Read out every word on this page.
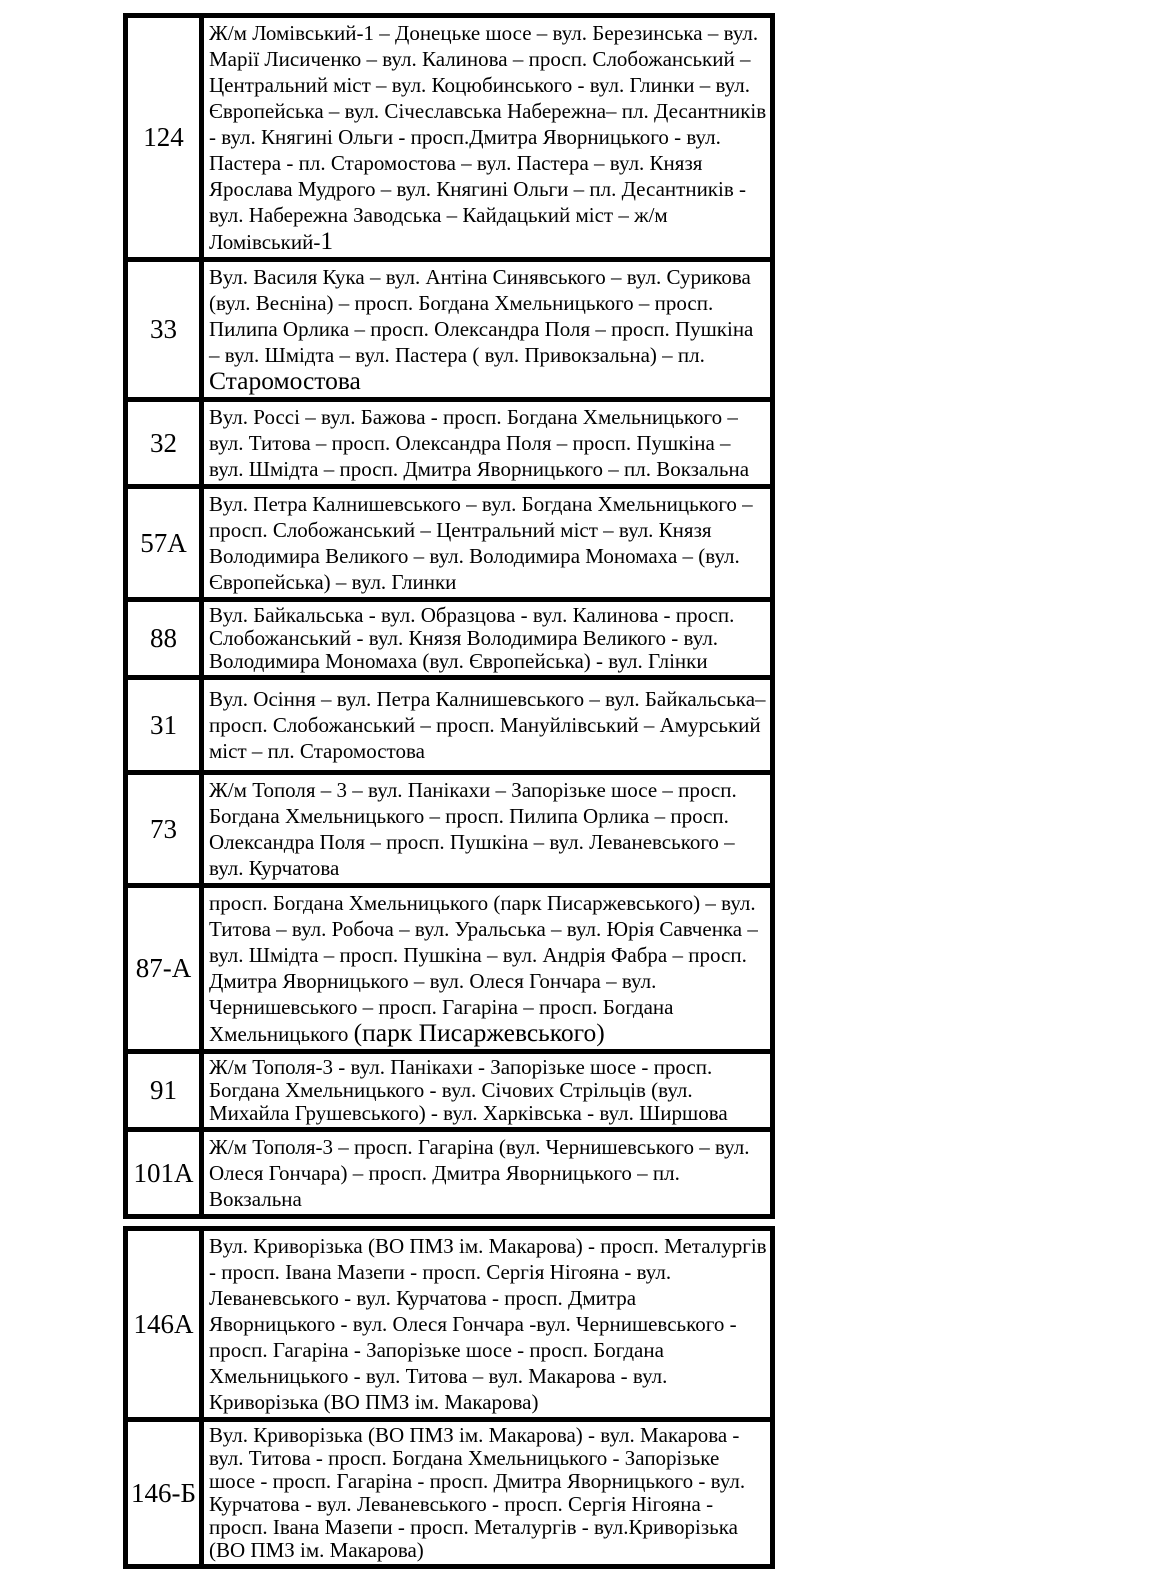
124	Ж/м Ломівський-1 – Донецьке шосе – вул. Березинська – вул. Марії Лисиченко – вул. Калинова – просп. Слобожанський – Центральний міст – вул. Коцюбинського - вул. Глинки – вул. Європейська – вул. Січеславська Набережна– пл. Десантників - вул. Княгині Ольги - просп.Дмитра Яворницького - вул. Пастера - пл. Старомостова – вул. Пастера – вул. Князя Ярослава Мудрого – вул. Княгині Ольги – пл. Десантників - вул. Набережна Заводська – Кайдацький міст – ж/м Ломівський-1
33	Вул. Василя Кука – вул. Антіна Синявського – вул. Сурикова (вул. Весніна) – просп. Богдана Хмельницького – просп. Пилипа Орлика – просп. Олександра Поля – просп. Пушкіна – вул. Шмідта – вул. Пастера ( вул. Привокзальна) – пл. Старомостова
32	Вул. Россі – вул. Бажова - просп. Богдана Хмельницького – вул. Титова – просп. Олександра Поля – просп. Пушкіна – вул. Шмідта – просп. Дмитра Яворницького – пл. Вокзальна
57А	Вул. Петра Калнишевського – вул. Богдана Хмельницького – просп. Слобожанський – Центральний міст – вул. Князя Володимира Великого – вул. Володимира Мономаха – (вул. Європейська) – вул. Глинки
88	Вул. Байкальська - вул. Образцова - вул. Калинова - просп. Слобожанський - вул. Князя Володимира Великого - вул. Володимира Мономаха (вул. Європейська) - вул. Глінки
31	Вул. Осіння – вул. Петра Калнишевського – вул. Байкальська– просп. Слобожанський – просп. Мануйлівський – Амурський міст – пл. Старомостова
73	Ж/м Тополя – 3 – вул. Панікахи – Запорізьке шосе – просп. Богдана Хмельницького – просп. Пилипа Орлика – просп. Олександра Поля – просп. Пушкіна – вул. Леваневського – вул. Курчатова
87-А	просп. Богдана Хмельницького (парк Писаржевського) – вул. Титова – вул. Робоча – вул. Уральська – вул. Юрія Савченка – вул. Шмідта – просп. Пушкіна – вул. Андрія Фабра – просп. Дмитра Яворницького – вул. Олеся Гончара – вул. Чернишевського – просп. Гагаріна – просп. Богдана Хмельницького (парк Писаржевського)
91	Ж/м Тополя-3 - вул. Панікахи - Запорізьке шосе - просп. Богдана Хмельницького - вул. Січових Стрільців (вул. Михайла Грушевського) - вул. Харківська - вул. Ширшова
101А	Ж/м Тополя-3 – просп. Гагаріна (вул. Чернишевського – вул. Олеся Гончара) – просп. Дмитра Яворницького – пл. Вокзальна
146А	Вул. Криворізька (ВО ПМЗ ім. Макарова) - просп. Металургів - просп. Івана Мазепи - просп. Сергія Нігояна - вул. Леваневського - вул. Курчатова - просп. Дмитра Яворницького - вул. Олеся Гончара -вул. Чернишевського - просп. Гагаріна - Запорізьке шосе - просп. Богдана Хмельницького - вул. Титова – вул. Макарова - вул. Криворізька (ВО ПМЗ ім. Макарова)
146-Б	Вул. Криворізька (ВО ПМЗ ім. Макарова) - вул. Макарова - вул. Титова - просп. Богдана Хмельницького - Запорізьке шосе - просп. Гагаріна - просп. Дмитра Яворницького - вул. Курчатова - вул. Леваневського - просп. Сергія Нігояна - просп. Івана Мазепи - просп. Металургів - вул.Криворізька (ВО ПМЗ ім. Макарова)
